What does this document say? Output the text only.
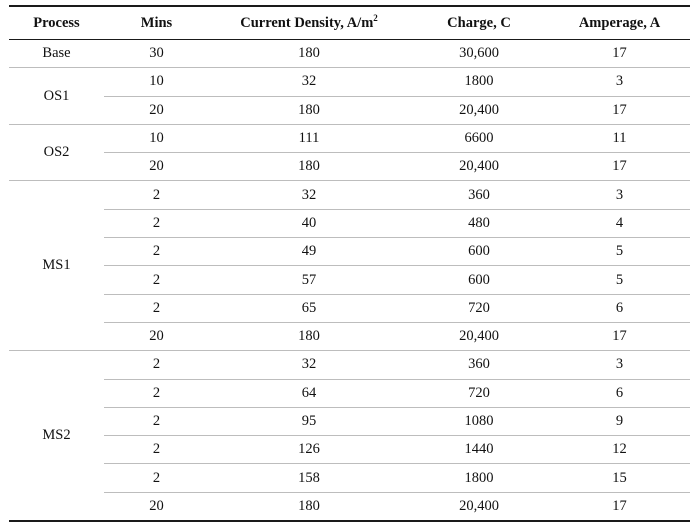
Process	Mins	Current Density, $A/m^2$	Charge, C	Amperage, A
Base	30	180	30,600	17
OS1	10	32	1800	3
	20	180	20,400	17
OS2	10	111	6600	11
	20	180	20,400	17
MS1	2	32	360	3
	2	40	480	4
	2	49	600	5
	2	57	600	5
	2	65	720	6
	20	180	20,400	17
MS2	2	32	360	3
	2	64	720	6
	2	95	1080	9
	2	126	1440	12
	2	158	1800	15
	20	180	20,400	17
